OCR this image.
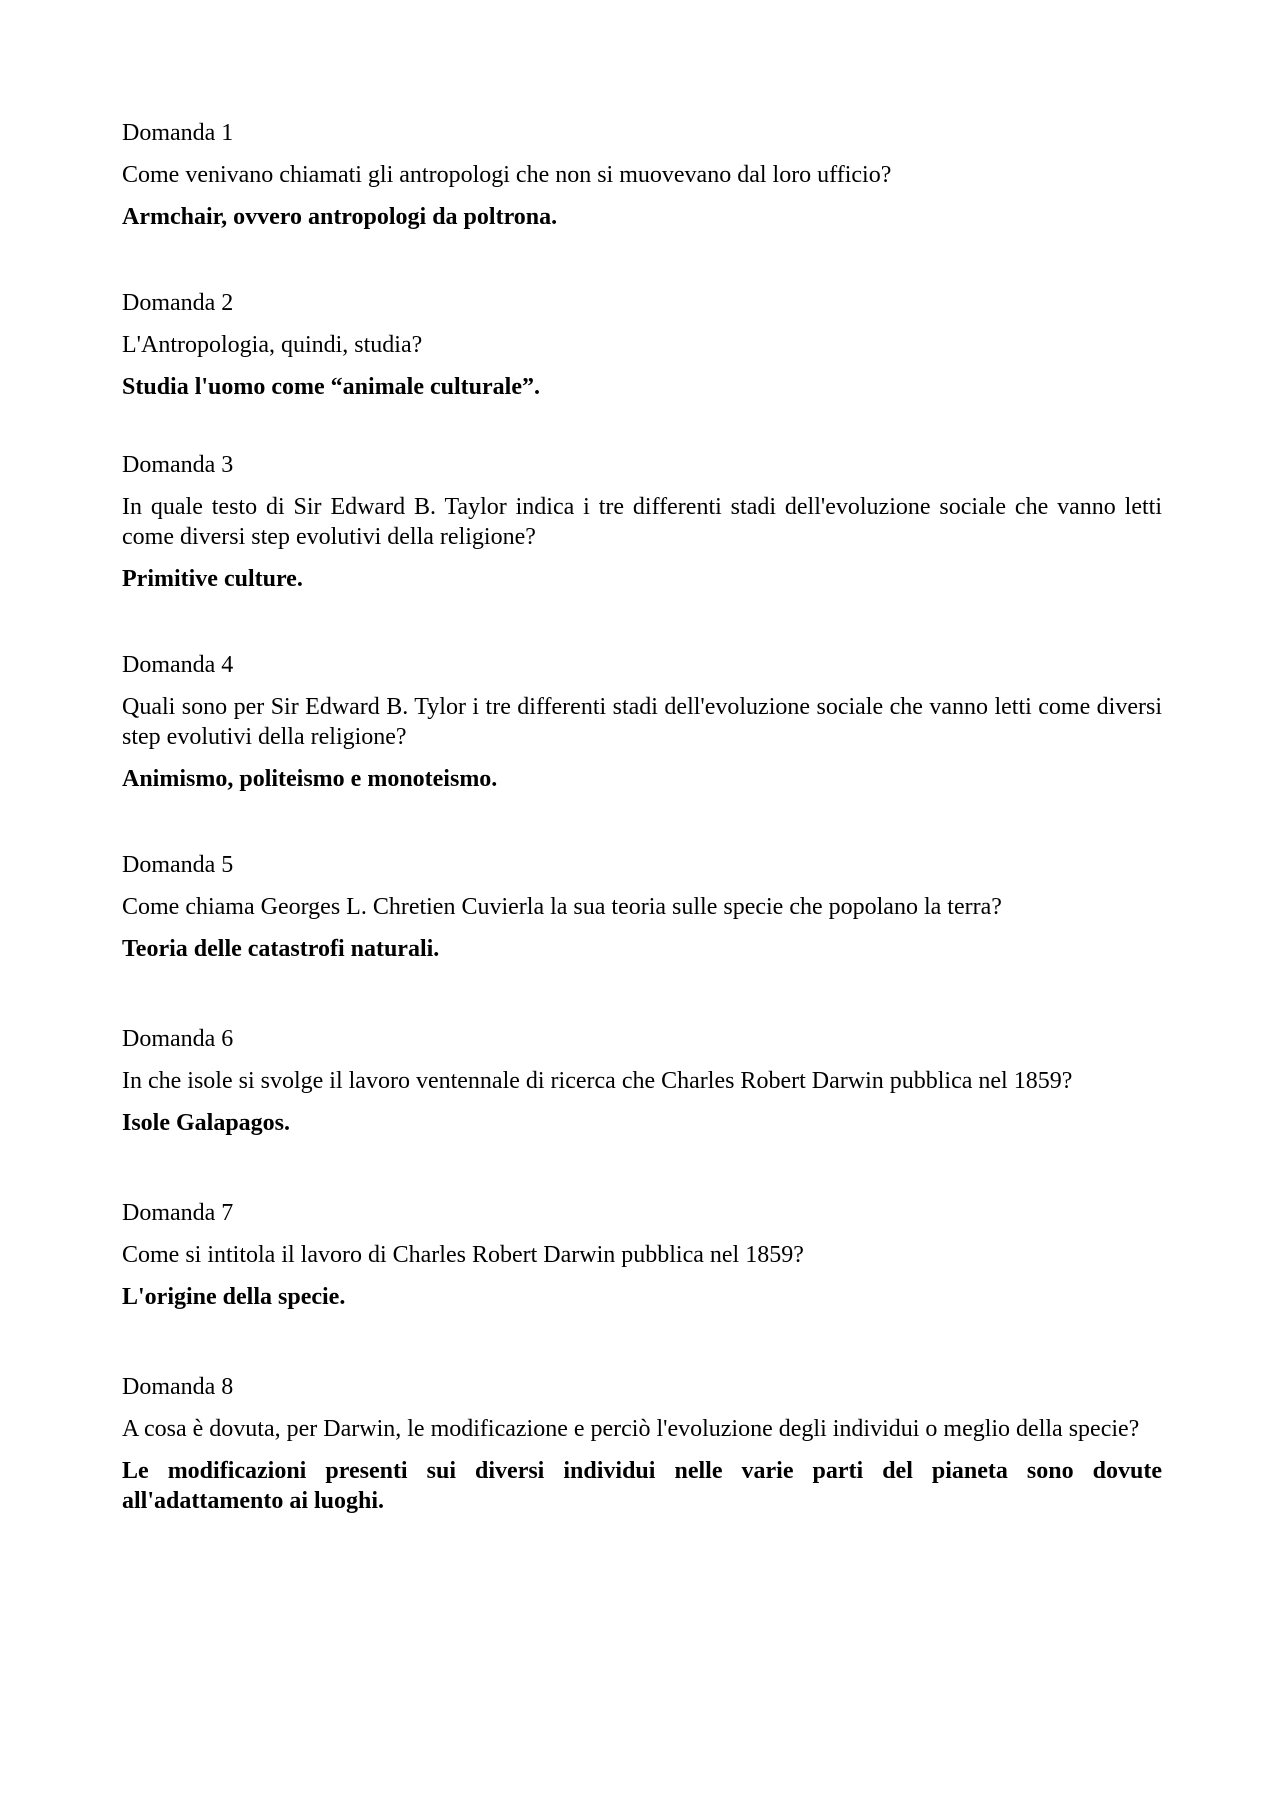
Domanda 1

Come venivano chiamati gli antropologi che non si muovevano dal loro ufficio?

Armchair, ovvero antropologi da poltrona.

Domanda 2

L'Antropologia, quindi, studia?

Studia l'uomo come “animale culturale”.

Domanda 3

In quale testo di Sir Edward B. Taylor indica i tre differenti stadi dell'evoluzione sociale che vanno letti come diversi step evolutivi della religione?

Primitive culture.

Domanda 4

Quali sono per Sir Edward B. Tylor i tre differenti stadi dell'evoluzione sociale che vanno letti come diversi step evolutivi della religione?

Animismo, politeismo e monoteismo.

Domanda 5

Come chiama Georges L. Chretien Cuvierla la sua teoria sulle specie che popolano la terra?

Teoria delle catastrofi naturali.

Domanda 6

In che isole si svolge il lavoro ventennale di ricerca che Charles Robert Darwin pubblica nel 1859?

Isole Galapagos.

Domanda 7

Come si intitola il lavoro di Charles Robert Darwin pubblica nel 1859?

L'origine della specie.

Domanda 8

A cosa è dovuta, per Darwin, le modificazione e perciò l'evoluzione degli individui o meglio della specie?

Le modificazioni presenti sui diversi individui nelle varie parti del pianeta sono dovute all'adattamento ai luoghi.
